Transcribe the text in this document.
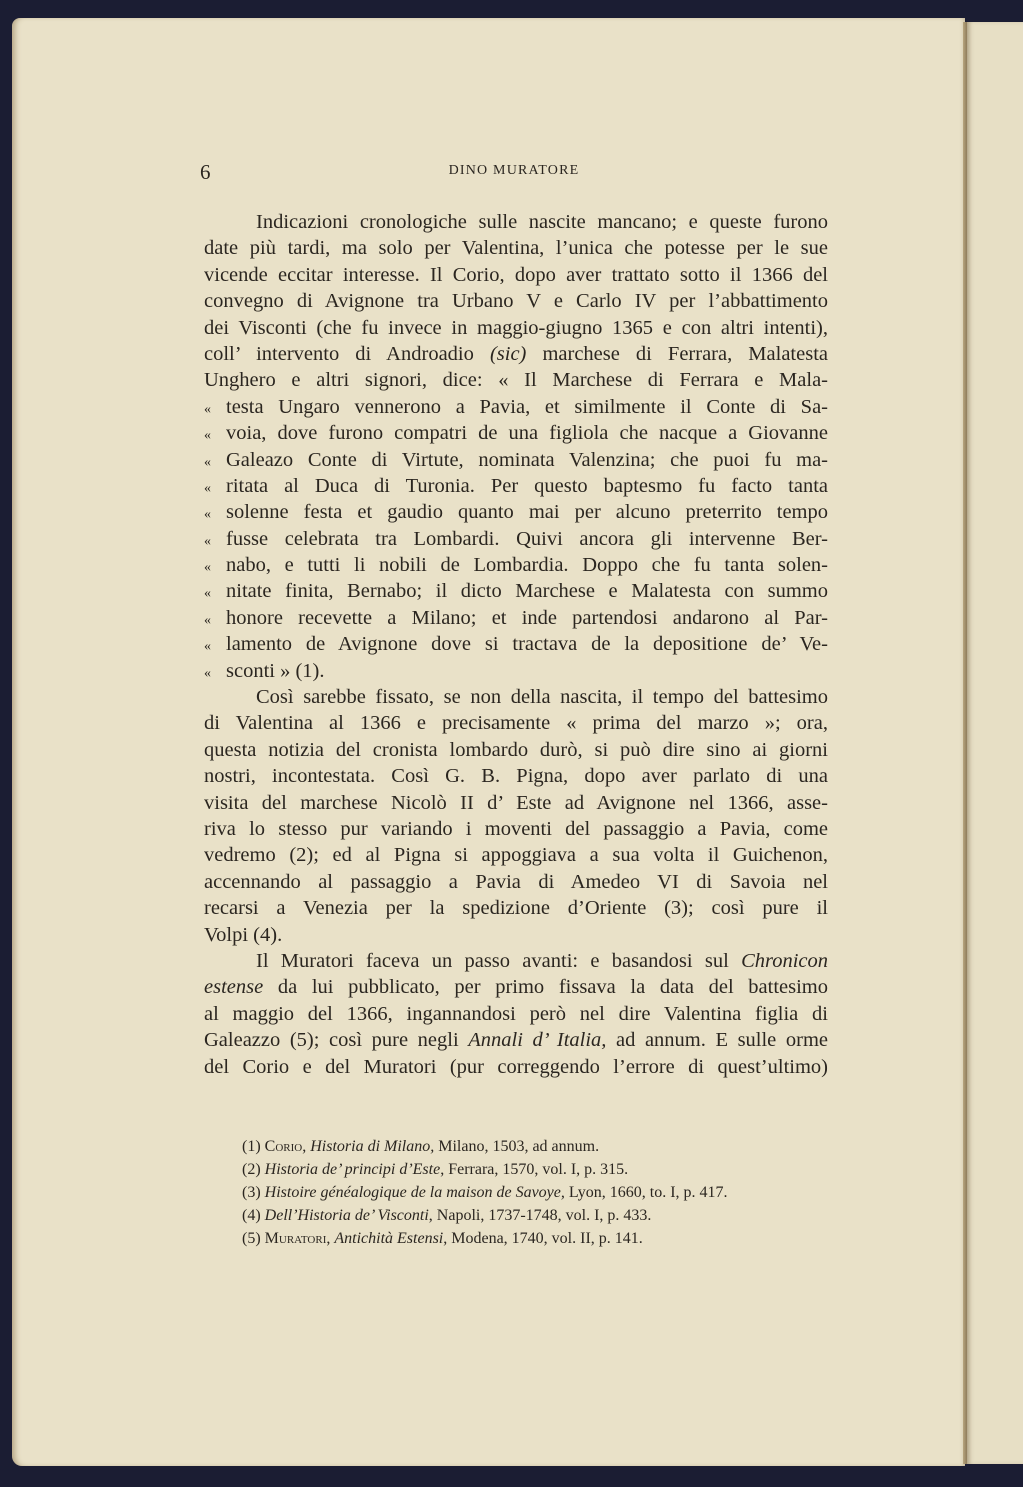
6	DINO MURATORE
Indicazioni cronologiche sulle nascite mancano; e queste furono
date più tardi, ma solo per Valentina, l’unica che potesse per le sue
vicende eccitar interesse. Il Corio, dopo aver trattato sotto il 1366 del
convegno di Avignone tra Urbano V e Carlo IV per l’abbattimento
dei Visconti (che fu invece in maggio-giugno 1365 e con altri intenti),
coll’ intervento di Androadio (sic) marchese di Ferrara, Malatesta
Unghero e altri signori, dice: « Il Marchese di Ferrara e Mala-
« testa Ungaro vennerono a Pavia, et similmente il Conte di Sa-
« voia, dove furono compatri de una figliola che nacque a Giovanne
« Galeazo Conte di Virtute, nominata Valenzina; che puoi fu ma-
« ritata al Duca di Turonia. Per questo baptesmo fu facto tanta
« solenne festa et gaudio quanto mai per alcuno preterrito tempo
« fusse celebrata tra Lombardi. Quivi ancora gli intervenne Ber-
« nabo, e tutti li nobili de Lombardia. Doppo che fu tanta solen-
« nitate finita, Bernabo; il dicto Marchese e Malatesta con summo
« honore recevette a Milano; et inde partendosi andarono al Par-
« lamento de Avignone dove si tractava de la depositione de’ Ve-
« sconti » (1).
Così sarebbe fissato, se non della nascita, il tempo del battesimo
di Valentina al 1366 e precisamente « prima del marzo »; ora,
questa notizia del cronista lombardo durò, si può dire sino ai giorni
nostri, incontestata. Così G. B. Pigna, dopo aver parlato di una
visita del marchese Nicolò II d’ Este ad Avignone nel 1366, asse-
riva lo stesso pur variando i moventi del passaggio a Pavia, come
vedremo (2); ed al Pigna si appoggiava a sua volta il Guichenon,
accennando al passaggio a Pavia di Amedeo VI di Savoia nel
recarsi a Venezia per la spedizione d’Oriente (3); così pure il
Volpi (4).
Il Muratori faceva un passo avanti: e basandosi sul Chronicon
estense da lui pubblicato, per primo fissava la data del battesimo
al maggio del 1366, ingannandosi però nel dire Valentina figlia di
Galeazzo (5); così pure negli Annali d’ Italia, ad annum. E sulle orme
del Corio e del Muratori (pur correggendo l’errore di quest’ultimo)
(1) Corio, Historia di Milano, Milano, 1503, ad annum.
(2) Historia de’ principi d’Este, Ferrara, 1570, vol. I, p. 315.
(3) Histoire généalogique de la maison de Savoye, Lyon, 1660, to. I, p. 417.
(4) Dell’Historia de’ Visconti, Napoli, 1737-1748, vol. I, p. 433.
(5) Muratori, Antichità Estensi, Modena, 1740, vol. II, p. 141.
